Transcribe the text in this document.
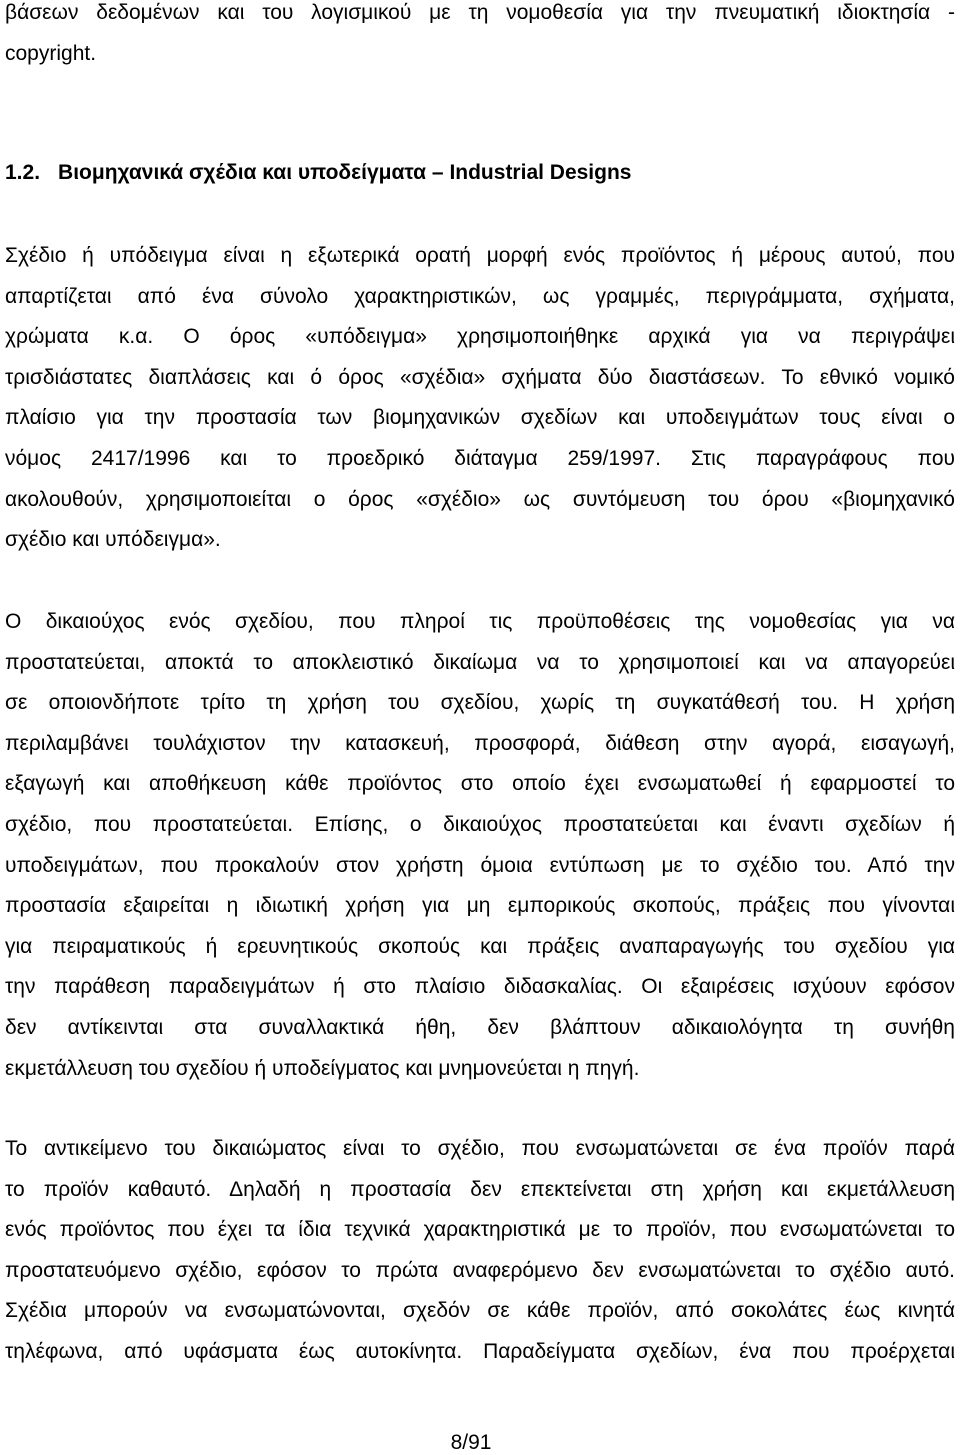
βάσεων δεδομένων και του λογισμικού με τη νομοθεσία για την πνευματική ιδιοκτησία -
copyright.
1.2. Βιομηχανικά σχέδια και υποδείγματα – Industrial Designs
Σχέδιο ή υπόδειγμα είναι η εξωτερικά ορατή μορφή ενός προϊόντος ή μέρους αυτού, που
απαρτίζεται από ένα σύνολο χαρακτηριστικών, ως γραμμές, περιγράμματα, σχήματα,
χρώματα κ.α. Ο όρος «υπόδειγμα» χρησιμοποιήθηκε αρχικά για να περιγράψει
τρισδιάστατες διαπλάσεις και ό όρος «σχέδια» σχήματα δύο διαστάσεων. Το εθνικό νομικό
πλαίσιο για την προστασία των βιομηχανικών σχεδίων και υποδειγμάτων τους είναι ο
νόμος 2417/1996 και το προεδρικό διάταγμα 259/1997. Στις παραγράφους που
ακολουθούν, χρησιμοποιείται ο όρος «σχέδιο» ως συντόμευση του όρου «βιομηχανικό
σχέδιο και υπόδειγμα».
Ο δικαιούχος ενός σχεδίου, που πληροί τις προϋποθέσεις της νομοθεσίας για να
προστατεύεται, αποκτά το αποκλειστικό δικαίωμα να το χρησιμοποιεί και να απαγορεύει
σε οποιονδήποτε τρίτο τη χρήση του σχεδίου, χωρίς τη συγκατάθεσή του. Η χρήση
περιλαμβάνει τουλάχιστον την κατασκευή, προσφορά, διάθεση στην αγορά, εισαγωγή,
εξαγωγή και αποθήκευση κάθε προϊόντος στο οποίο έχει ενσωματωθεί ή εφαρμοστεί το
σχέδιο, που προστατεύεται. Επίσης, ο δικαιούχος προστατεύεται και έναντι σχεδίων ή
υποδειγμάτων, που προκαλούν στον χρήστη όμοια εντύπωση με το σχέδιο του. Από την
προστασία εξαιρείται η ιδιωτική χρήση για μη εμπορικούς σκοπούς, πράξεις που γίνονται
για πειραματικούς ή ερευνητικούς σκοπούς και πράξεις αναπαραγωγής του σχεδίου για
την παράθεση παραδειγμάτων ή στο πλαίσιο διδασκαλίας. Οι εξαιρέσεις ισχύουν εφόσον
δεν αντίκεινται στα συναλλακτικά ήθη, δεν βλάπτουν αδικαιολόγητα τη συνήθη
εκμετάλλευση του σχεδίου ή υποδείγματος και μνημονεύεται η πηγή.
Το αντικείμενο του δικαιώματος είναι το σχέδιο, που ενσωματώνεται σε ένα προϊόν παρά
το προϊόν καθαυτό. Δηλαδή η προστασία δεν επεκτείνεται στη χρήση και εκμετάλλευση
ενός προϊόντος που έχει τα ίδια τεχνικά χαρακτηριστικά με το προϊόν, που ενσωματώνεται το
προστατευόμενο σχέδιο, εφόσον το πρώτα αναφερόμενο δεν ενσωματώνεται το σχέδιο αυτό.
Σχέδια μπορούν να ενσωματώνονται, σχεδόν σε κάθε προϊόν, από σοκολάτες έως κινητά
τηλέφωνα, από υφάσματα έως αυτοκίνητα. Παραδείγματα σχεδίων, ένα που προέρχεται
8/91
